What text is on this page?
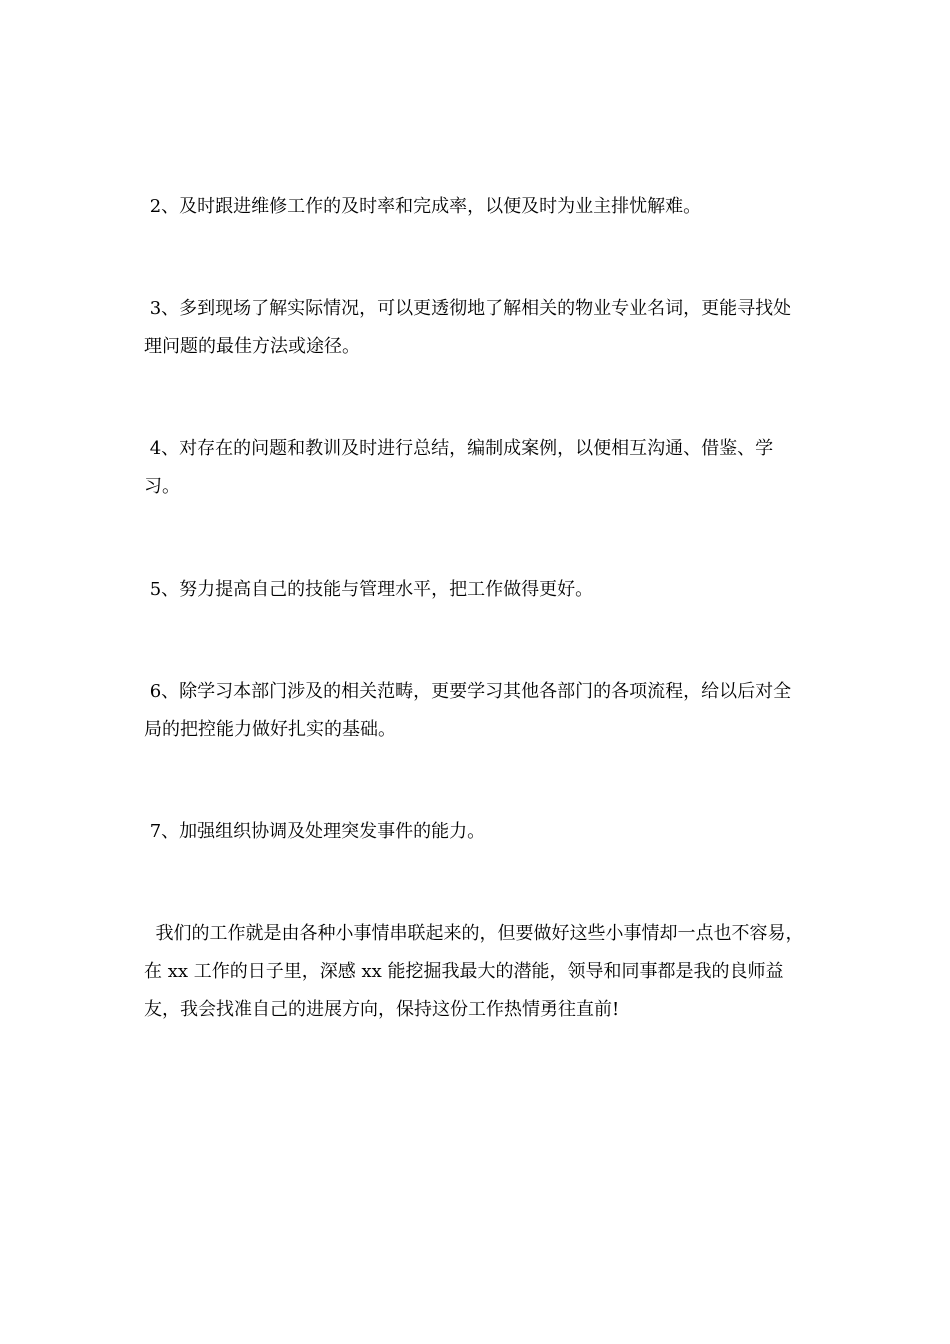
2、及时跟进维修工作的及时率和完成率，以便及时为业主排忧解难。

3、多到现场了解实际情况，可以更透彻地了解相关的物业专业名词，更能寻找处理问题的最佳方法或途径。

4、对存在的问题和教训及时进行总结，编制成案例，以便相互沟通、借鉴、学习。

5、努力提高自己的技能与管理水平，把工作做得更好。

6、除学习本部门涉及的相关范畴，更要学习其他各部门的各项流程，给以后对全局的把控能力做好扎实的基础。

7、加强组织协调及处理突发事件的能力。

我们的工作就是由各种小事情串联起来的，但要做好这些小事情却一点也不容易，在 xx 工作的日子里，深感 xx 能挖掘我最大的潜能，领导和同事都是我的良师益友，我会找准自己的进展方向，保持这份工作热情勇往直前!
